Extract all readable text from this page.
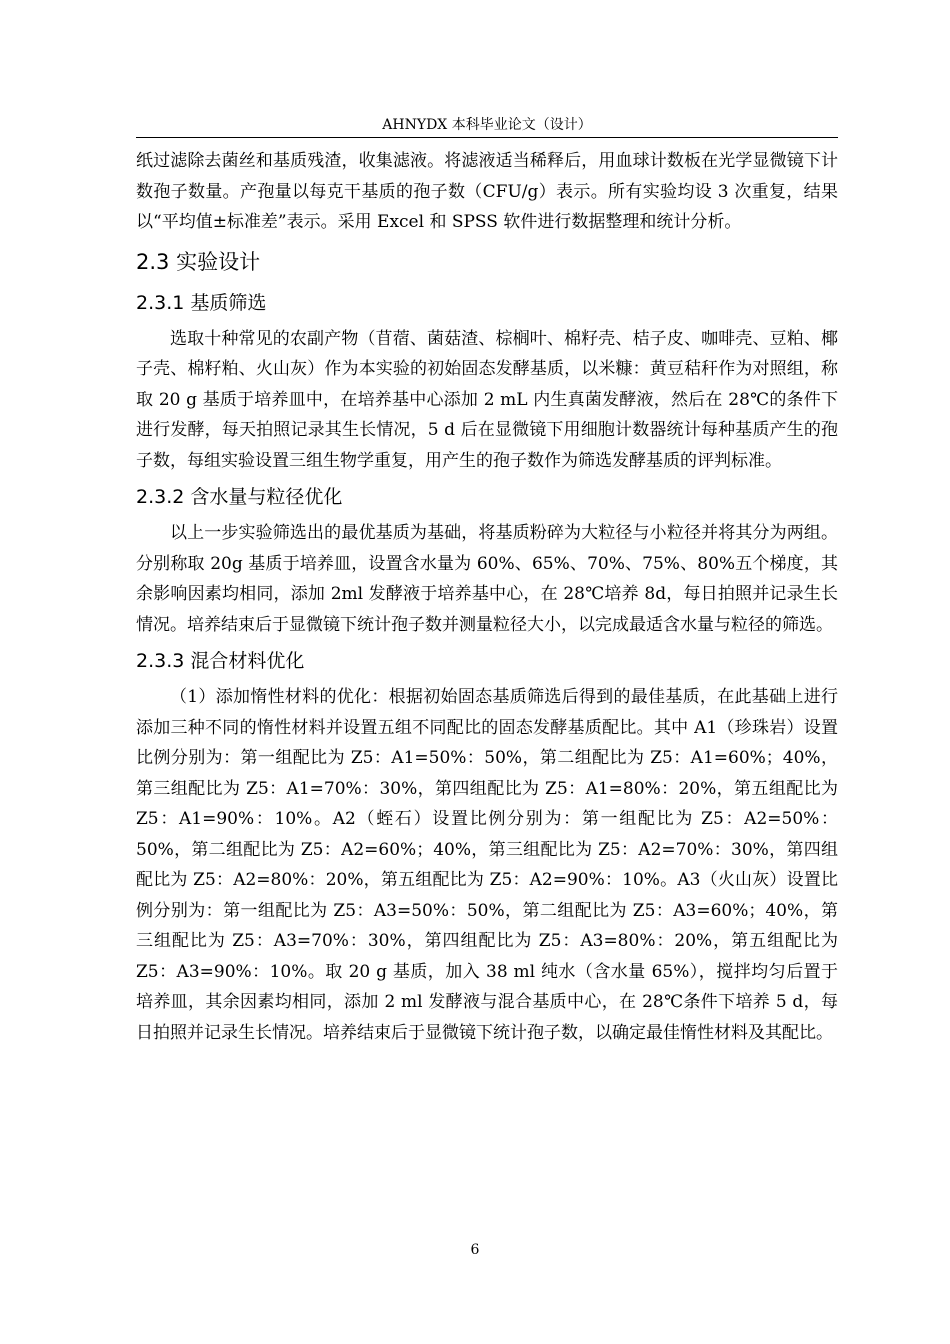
AHNYDX 本科毕业论文（设计）

纸过滤除去菌丝和基质残渣，收集滤液。将滤液适当稀释后，用血球计数板在光学显微镜下计数孢子数量。产孢量以每克干基质的孢子数（CFU/g）表示。所有实验均设 3 次重复，结果以“平均值±标准差”表示。采用 Excel 和 SPSS 软件进行数据整理和统计分析。

2.3 实验设计
2.3.1 基质筛选

选取十种常见的农副产物（苜蓿、菌菇渣、棕榈叶、棉籽壳、桔子皮、咖啡壳、豆粕、椰子壳、棉籽粕、火山灰）作为本实验的初始固态发酵基质，以米糠：黄豆秸秆作为对照组，称取 20 g 基质于培养皿中，在培养基中心添加 2 mL 内生真菌发酵液，然后在 28℃的条件下进行发酵，每天拍照记录其生长情况，5 d 后在显微镜下用细胞计数器统计每种基质产生的孢子数，每组实验设置三组生物学重复，用产生的孢子数作为筛选发酵基质的评判标准。

2.3.2 含水量与粒径优化

以上一步实验筛选出的最优基质为基础，将基质粉碎为大粒径与小粒径并将其分为两组。分别称取 20g 基质于培养皿，设置含水量为 60%、65%、70%、75%、80%五个梯度，其余影响因素均相同，添加 2ml 发酵液于培养基中心，在 28℃培养 8d，每日拍照并记录生长情况。培养结束后于显微镜下统计孢子数并测量粒径大小，以完成最适含水量与粒径的筛选。

2.3.3 混合材料优化

（1）添加惰性材料的优化：根据初始固态基质筛选后得到的最佳基质，在此基础上进行添加三种不同的惰性材料并设置五组不同配比的固态发酵基质配比。其中 A1（珍珠岩）设置比例分别为：第一组配比为 Z5：A1=50%：50%，第二组配比为 Z5：A1=60%；40%，第三组配比为 Z5：A1=70%：30%，第四组配比为 Z5：A1=80%：20%，第五组配比为 Z5：A1=90%：10%。A2（蛭石）设置比例分别为：第一组配比为 Z5：A2=50%：50%，第二组配比为 Z5：A2=60%；40%，第三组配比为 Z5：A2=70%：30%，第四组配比为 Z5：A2=80%：20%，第五组配比为 Z5：A2=90%：10%。A3（火山灰）设置比例分别为：第一组配比为 Z5：A3=50%：50%，第二组配比为 Z5：A3=60%；40%，第三组配比为 Z5：A3=70%：30%，第四组配比为 Z5：A3=80%：20%，第五组配比为 Z5：A3=90%：10%。取 20 g 基质，加入 38 ml 纯水（含水量 65%），搅拌均匀后置于培养皿，其余因素均相同，添加 2 ml 发酵液与混合基质中心，在 28℃条件下培养 5 d，每日拍照并记录生长情况。培养结束后于显微镜下统计孢子数，以确定最佳惰性材料及其配比。

6
